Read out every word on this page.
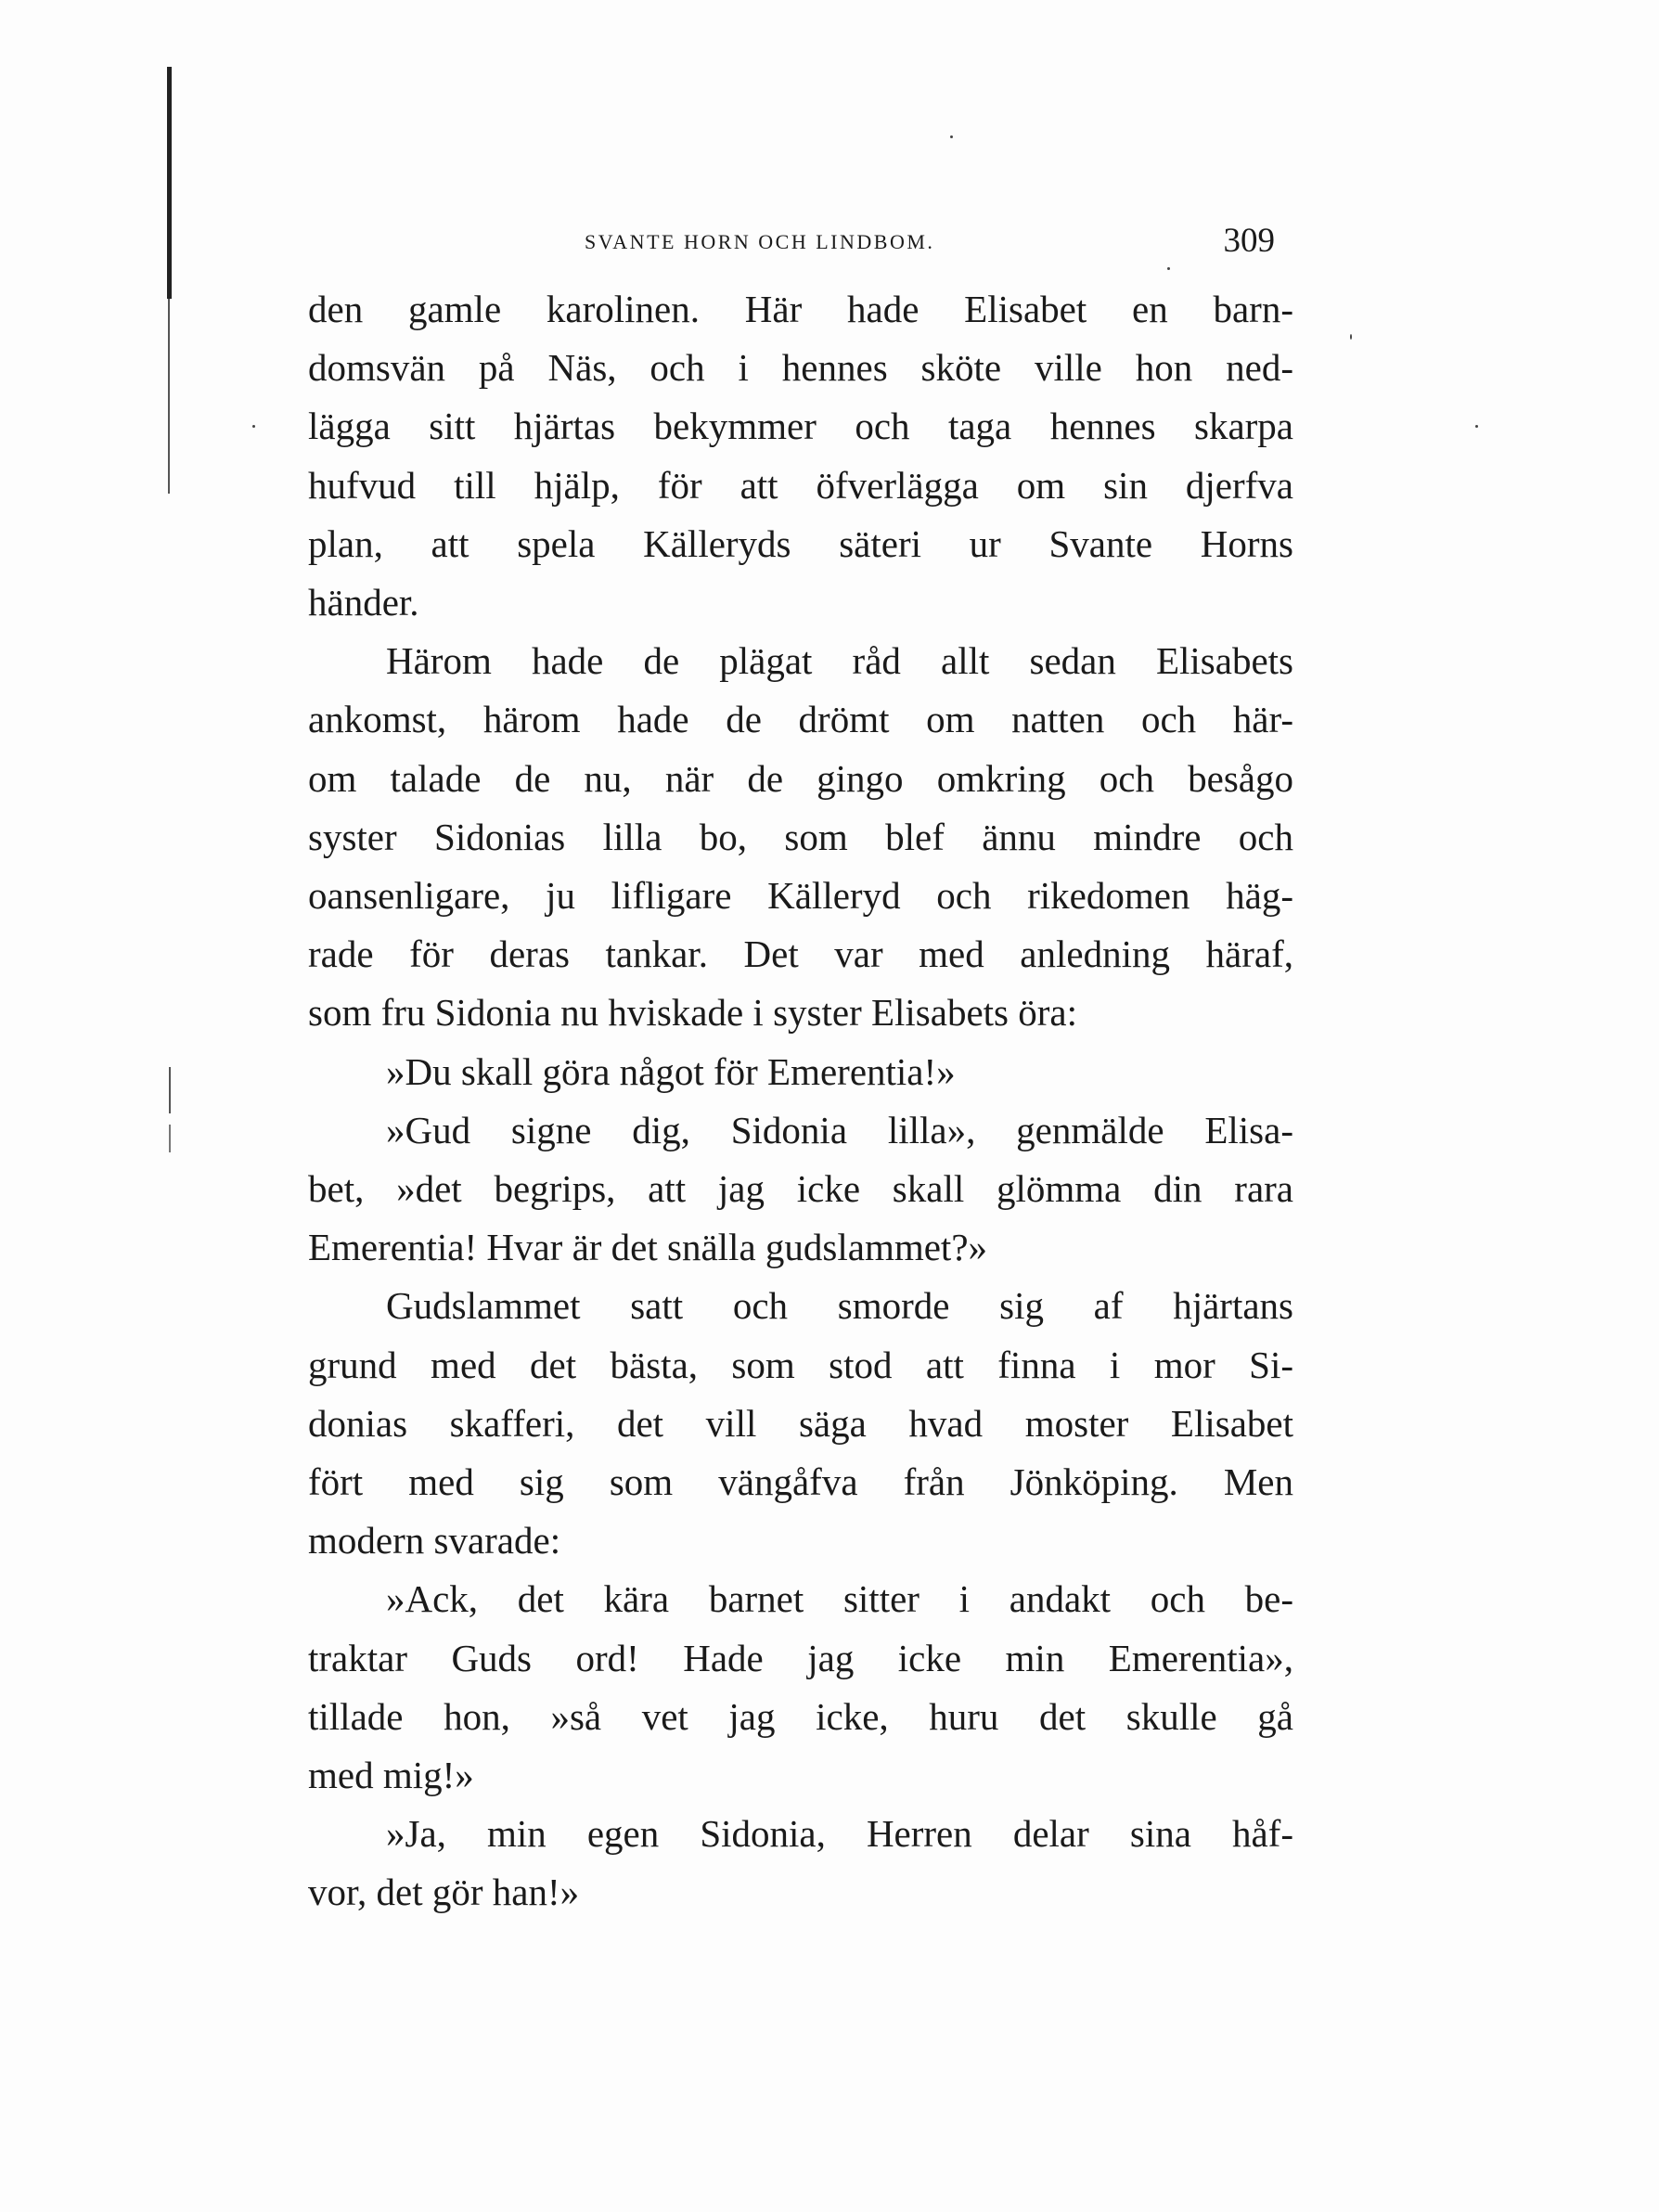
SVANTE HORN OCH LINDBOM.	309

den gamle karolinen. Här hade Elisabet en barn-

domsvän på Näs, och i hennes sköte ville hon ned-

lägga sitt hjärtas bekymmer och taga hennes skarpa

hufvud till hjälp, för att öfverlägga om sin djerfva

plan, att spela Källeryds säteri ur Svante Horns

händer.

Härom hade de plägat råd allt sedan Elisabets

ankomst, härom hade de drömt om natten och här-

om talade de nu, när de gingo omkring och besågo

syster Sidonias lilla bo, som blef ännu mindre och

oansenligare, ju lifligare Källeryd och rikedomen häg-

rade för deras tankar. Det var med anledning häraf,

som fru Sidonia nu hviskade i syster Elisabets öra:

»Du skall göra något för Emerentia!»

»Gud signe dig, Sidonia lilla», genmälde Elisa-

bet, »det begrips, att jag icke skall glömma din rara

Emerentia! Hvar är det snälla gudslammet?»

Gudslammet satt och smorde sig af hjärtans

grund med det bästa, som stod att finna i mor Si-

donias skafferi, det vill säga hvad moster Elisabet

fört med sig som vängåfva från Jönköping. Men

modern svarade:

»Ack, det kära barnet sitter i andakt och be-

traktar Guds ord! Hade jag icke min Emerentia»,

tillade hon, »så vet jag icke, huru det skulle gå

med mig!»

»Ja, min egen Sidonia, Herren delar sina håf-

vor, det gör han!»
